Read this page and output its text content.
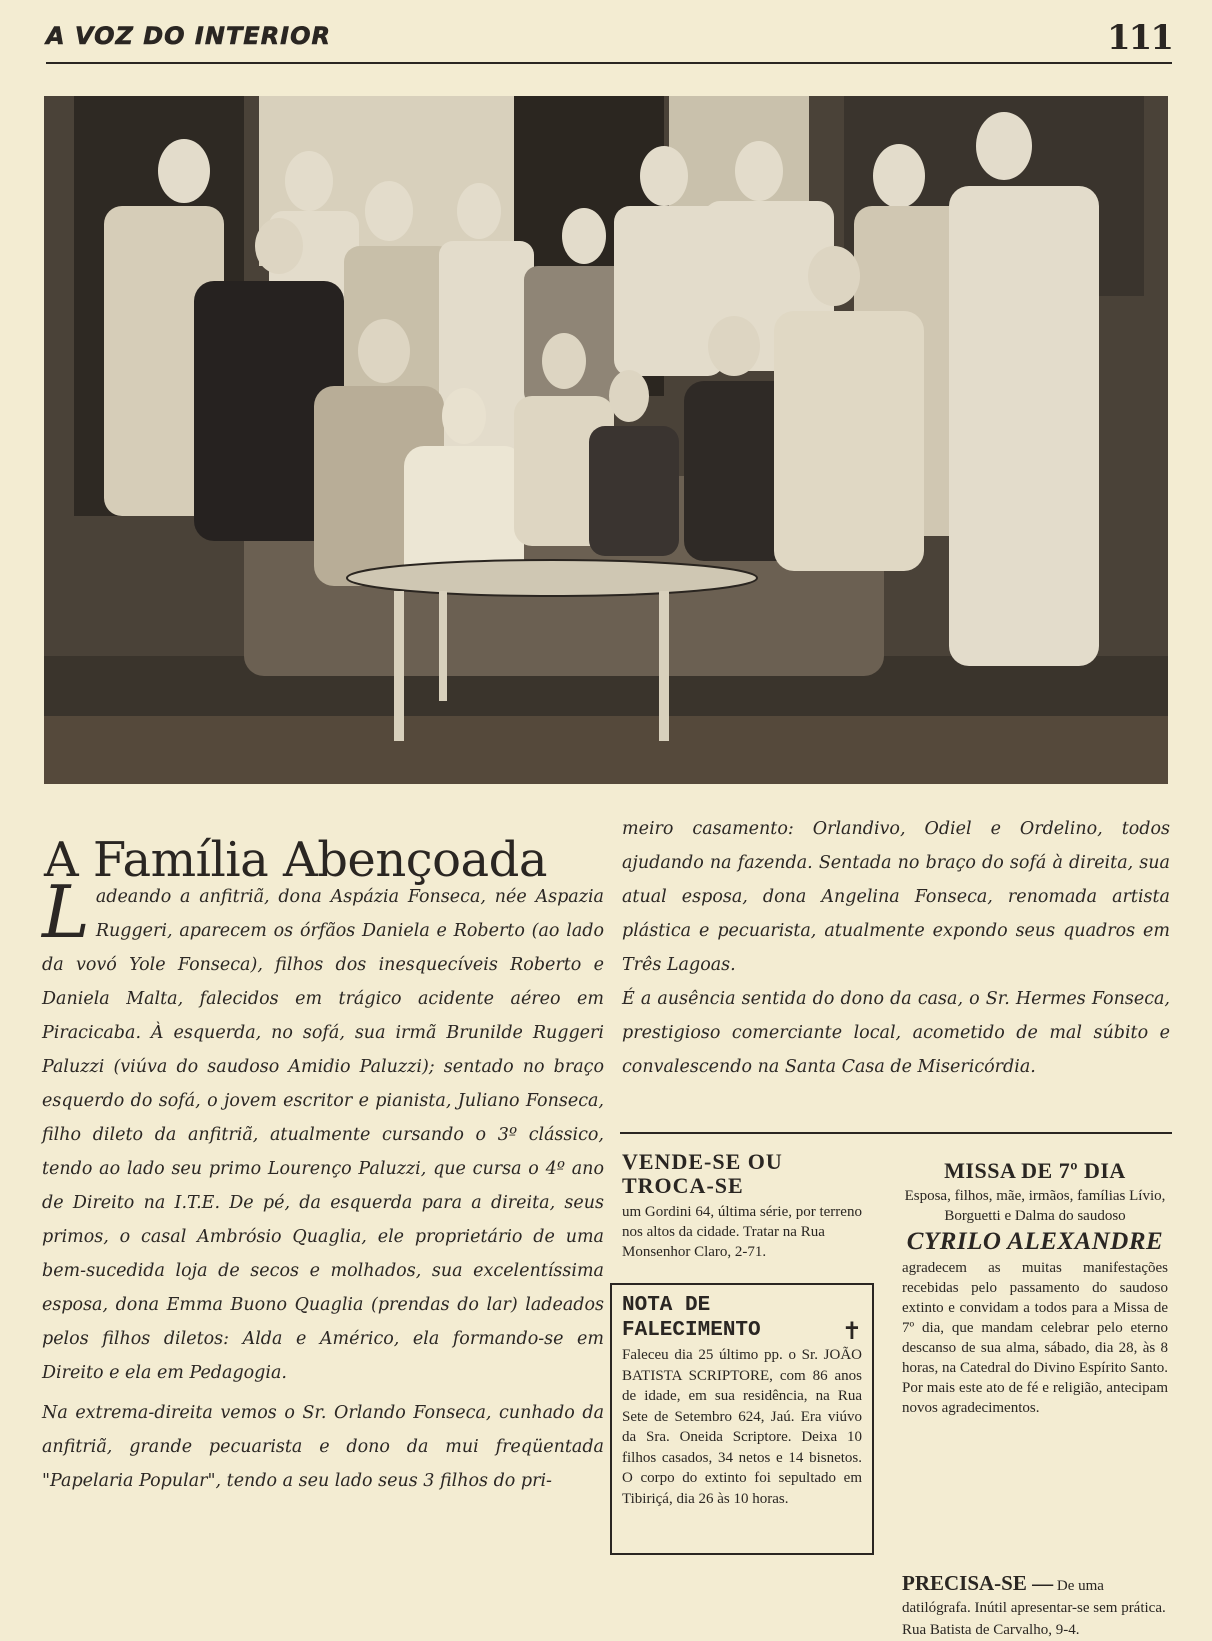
A VOZ DO INTERIOR	111
A Família Abençoada

Ladeando a anfitriã, dona Aspázia Fonseca, née Aspazia Ruggeri, aparecem os órfãos Daniela e Roberto (ao lado da vovó Yole Fonseca), filhos dos inesquecíveis Roberto e Daniela Malta, falecidos em trágico acidente aéreo em Piracicaba. À esquerda, no sofá, sua irmã Brunilde Ruggeri Paluzzi (viúva do saudoso Amidio Paluzzi); sentado no braço esquerdo do sofá, o jovem escritor e pianista, Juliano Fonseca, filho dileto da anfitriã, atualmente cursando o 3º clássico, tendo ao lado seu primo Lourenço Paluzzi, que cursa o 4º ano de Direito na I.T.E. De pé, da esquerda para a direita, seus primos, o casal Ambrósio Quaglia, ele proprietário de uma bem-sucedida loja de secos e molhados, sua excelentíssima esposa, dona Emma Buono Quaglia (prendas do lar) ladeados pelos filhos diletos: Alda e Américo, ela formando-se em Direito e ela em Pedagogia.

Na extrema-direita vemos o Sr. Orlando Fonseca, cunhado da anfitriã, grande pecuarista e dono da mui freqüentada "Papelaria Popular", tendo a seu lado seus 3 filhos do pri-

meiro casamento: Orlandivo, Odiel e Ordelino, todos ajudando na fazenda. Sentada no braço do sofá à direita, sua atual esposa, dona Angelina Fonseca, renomada artista plástica e pecuarista, atualmente expondo seus quadros em Três Lagoas.

É a ausência sentida do dono da casa, o Sr. Hermes Fonseca, prestigioso comerciante local, acometido de mal súbito e convalescendo na Santa Casa de Misericórdia.

VENDE-SE OU TROCA-SE

um Gordini 64, última série, por terreno nos altos da cidade. Tratar na Rua Monsenhor Claro, 2-71.

NOTA DE FALECIMENTO	✝

Faleceu dia 25 último pp. o Sr. JOÃO BATISTA SCRIPTORE, com 86 anos de idade, em sua residência, na Rua Sete de Setembro 624, Jaú. Era viúvo da Sra. Oneida Scriptore. Deixa 10 filhos casados, 34 netos e 14 bisnetos. O corpo do extinto foi sepultado em Tibiriçá, dia 26 às 10 horas.

MISSA DE 7º DIA

Esposa, filhos, mãe, irmãos, famílias Lívio, Borguetti e Dalma do saudoso

CYRILO ALEXANDRE

agradecem as muitas manifestações recebidas pelo passamento do saudoso extinto e convidam a todos para a Missa de 7º dia, que mandam celebrar pelo eterno descanso de sua alma, sábado, dia 28, às 8 horas, na Catedral do Divino Espírito Santo. Por mais este ato de fé e religião, antecipam novos agradecimentos.

PRECISA-SE — De uma datilógrafa. Inútil apresentar-se sem prática. Rua Batista de Carvalho, 9-4.
